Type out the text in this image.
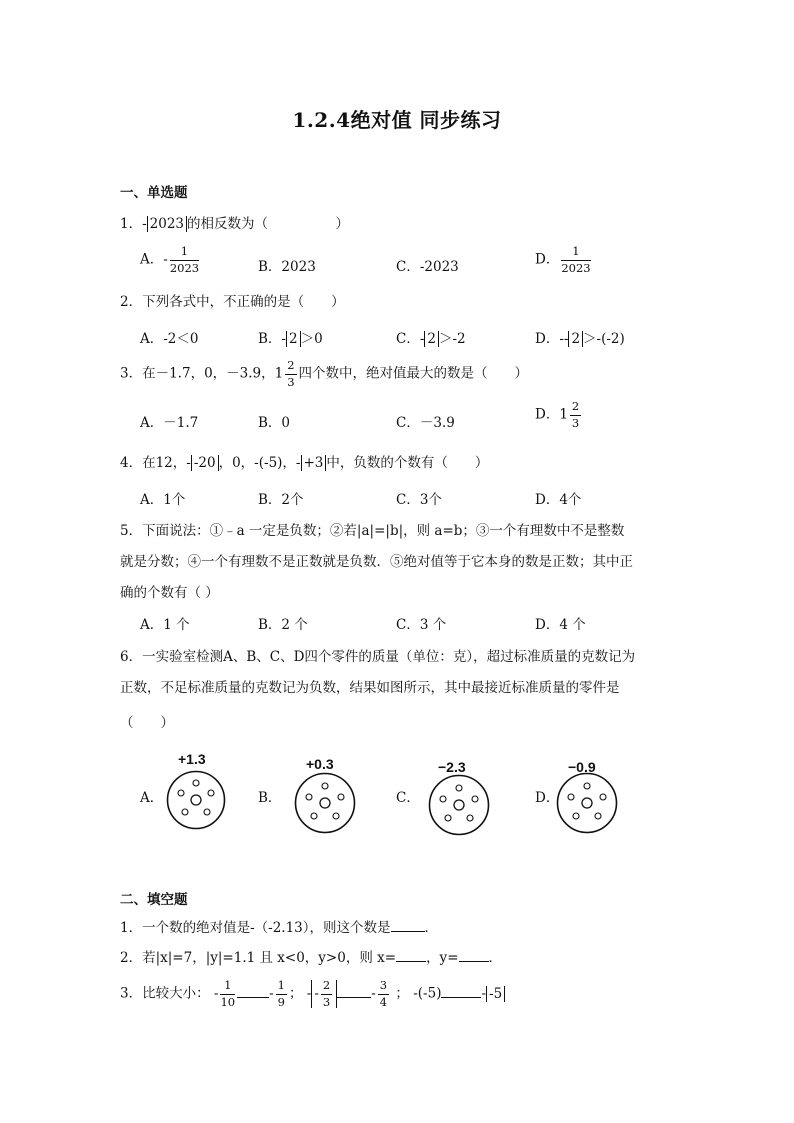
1.2.4绝对值 同步练习
一、单选题
1．- 2023 的相反数为（　　　　　）
A．- $\frac{1}{2023}$	B．2023	C．-2023	D． $\frac{1}{2023}$
2．下列各式中，不正确的是（　　）
A．-2＜0	B．- 2 ＞0	C．- 2 ＞-2	D．-- 2 ＞-(-2)
3．在－1.7，0，－3.9，$1 \frac{2}{3}$ 四个数中，绝对值最大的数是（　　）
A．－1.7	B．0	C．－3.9
D．$1 \frac{2}{3}$
4．在12，- -20 ，0，-(-5)，- +3 中，负数的个数有（　　）
A．1个	B．2个	C．3个	D．4个
5．下面说法：①﹣a 一定是负数；②若|a|=|b|，则 a=b；③一个有理数中不是整数
就是分数；④一个有理数不是正数就是负数．⑤绝对值等于它本身的数是正数；其中正
确的个数有（ ）
A．1 个	B．2 个	C．3 个	D．4 个
6．一实验室检测A、B、C、D四个零件的质量（单位：克），超过标准质量的克数记为
正数，不足标准质量的克数记为负数，结果如图所示，其中最接近标准质量的零件是
（　　）
A．
+1.3
B．
+0.3
C．
−2.3
D．
−0.9
二、填空题
1．一个数的绝对值是-（-2.13），则这个数是	．
2．若|x|=7，|y|=1.1 且 x<0，y>0，则 x= ，y= ．
3．比较大小： - $\frac{1}{10}$	- $\frac{1}{9}$ ； - - $\frac{2}{3}$	- $\frac{3}{4}$ ； -(-5)	- -5
